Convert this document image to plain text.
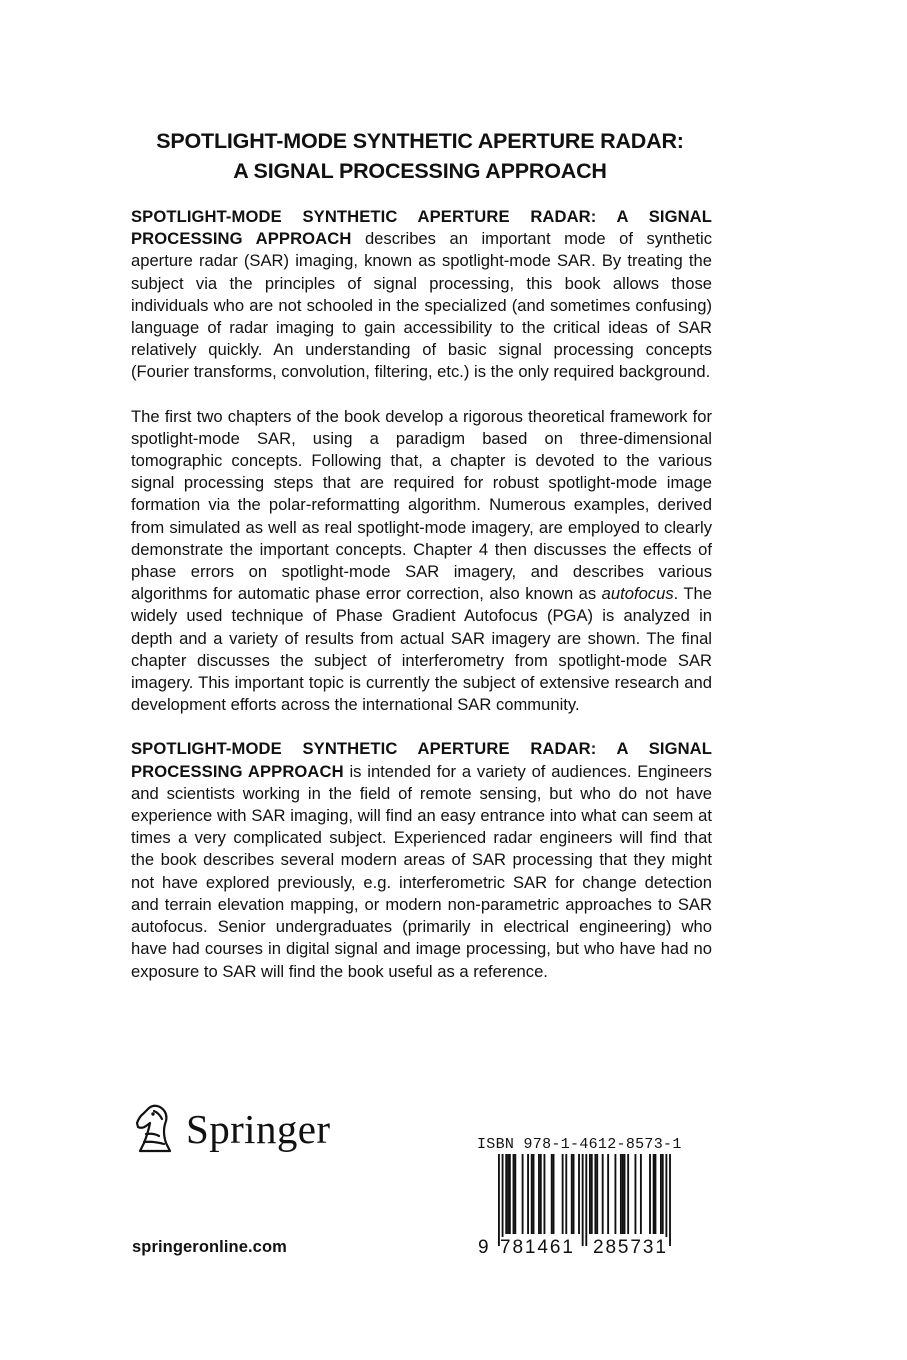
SPOTLIGHT-MODE SYNTHETIC APERTURE RADAR:
A SIGNAL PROCESSING APPROACH

SPOTLIGHT-MODE SYNTHETIC APERTURE RADAR: A SIGNAL PROCESSING APPROACH describes an important mode of synthetic aperture radar (SAR) imaging, known as spotlight-mode SAR. By treating the subject via the principles of signal processing, this book allows those individuals who are not schooled in the specialized (and sometimes confusing) language of radar imaging to gain accessibility to the critical ideas of SAR relatively quickly. An understanding of basic signal processing concepts (Fourier transforms, convolution, filtering, etc.) is the only required background.

The first two chapters of the book develop a rigorous theoretical framework for spotlight-mode SAR, using a paradigm based on three-dimensional tomographic concepts. Following that, a chapter is devoted to the various signal processing steps that are required for robust spotlight-mode image formation via the polar-reformatting algorithm. Numerous examples, derived from simulated as well as real spotlight-mode imagery, are employed to clearly demonstrate the important concepts. Chapter 4 then discusses the effects of phase errors on spotlight-mode SAR imagery, and describes various algorithms for automatic phase error correction, also known as autofocus. The widely used technique of Phase Gradient Autofocus (PGA) is analyzed in depth and a variety of results from actual SAR imagery are shown. The final chapter discusses the subject of interferometry from spotlight-mode SAR imagery. This important topic is currently the subject of extensive research and development efforts across the international SAR community.

SPOTLIGHT-MODE SYNTHETIC APERTURE RADAR: A SIGNAL PROCESSING APPROACH is intended for a variety of audiences. Engineers and scientists working in the field of remote sensing, but who do not have experience with SAR imaging, will find an easy entrance into what can seem at times a very complicated subject. Experienced radar engineers will find that the book describes several modern areas of SAR processing that they might not have explored previously, e.g. interferometric SAR for change detection and terrain elevation mapping, or modern non-parametric approaches to SAR autofocus. Senior undergraduates (primarily in electrical engineering) who have had courses in digital signal and image processing, but who have had no exposure to SAR will find the book useful as a reference.

Springer
springeronline.com
ISBN 978-1-4612-8573-1
9 781461 285731
